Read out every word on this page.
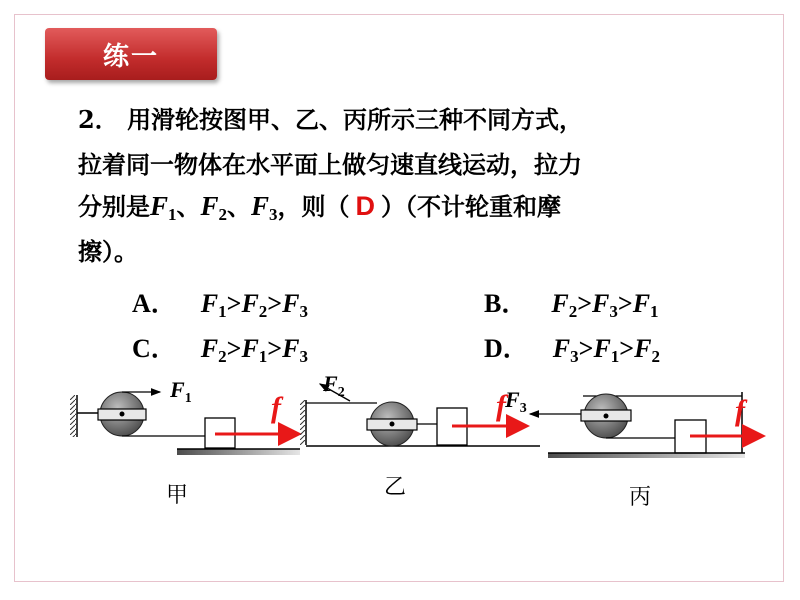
练一
2． 用滑轮按图甲、乙、丙所示三种不同方式，
拉着同一物体在水平面上做匀速直线运动，拉力
分别是$F_1$、$F_2$、$F_3$，则（ D ）（不计轮重和摩
擦）。
A． $F_1>F_2>F_3$	B． $F_2>F_3>F_1$
C． $F_2>F_1>F_3$	D． $F_3>F_1>F_2$
$F_1$	f
$F_2$	f $F_3$	f
甲	乙	丙
